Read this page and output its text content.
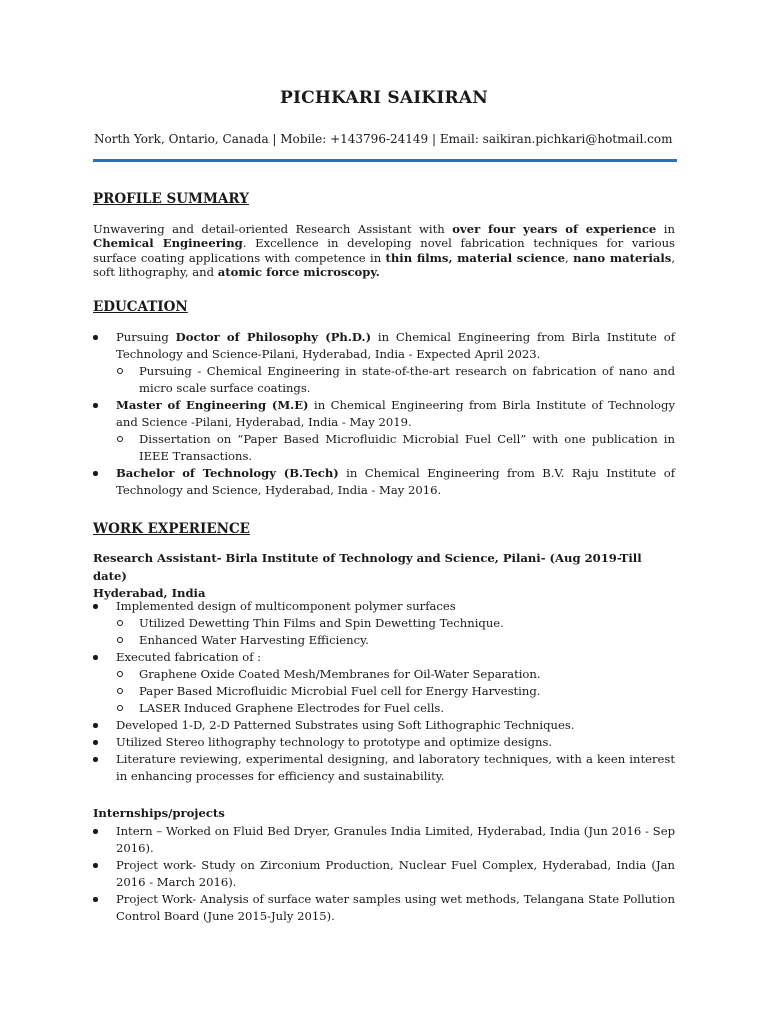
PICHKARI SAIKIRAN
North York, Ontario, Canada | Mobile: +143796-24149 | Email: saikiran.pichkari@hotmail.com
PROFILE SUMMARY
Unwavering and detail-oriented Research Assistant with over four years of experience in Chemical Engineering. Excellence in developing novel fabrication techniques for various surface coating applications with competence in thin films, material science, nano materials, soft lithography, and atomic force microscopy.
EDUCATION
Pursuing Doctor of Philosophy (Ph.D.) in Chemical Engineering from Birla Institute of Technology and Science-Pilani, Hyderabad, India - Expected April 2023.
Pursuing - Chemical Engineering in state-of-the-art research on fabrication of nano and micro scale surface coatings.
Master of Engineering (M.E) in Chemical Engineering from Birla Institute of Technology and Science -Pilani, Hyderabad, India - May 2019.
Dissertation on “Paper Based Microfluidic Microbial Fuel Cell” with one publication in IEEE Transactions.
Bachelor of Technology (B.Tech) in Chemical Engineering from B.V. Raju Institute of Technology and Science, Hyderabad, India - May 2016.
WORK EXPERIENCE
Research Assistant- Birla Institute of Technology and Science, Pilani- (Aug 2019-Till date)
Hyderabad, India
Implemented design of multicomponent polymer surfaces
Utilized Dewetting Thin Films and Spin Dewetting Technique.
Enhanced Water Harvesting Efficiency.
Executed fabrication of :
Graphene Oxide Coated Mesh/Membranes for Oil-Water Separation.
Paper Based Microfluidic Microbial Fuel cell for Energy Harvesting.
LASER Induced Graphene Electrodes for Fuel cells.
Developed 1-D, 2-D Patterned Substrates using Soft Lithographic Techniques.
Utilized Stereo lithography technology to prototype and optimize designs.
Literature reviewing, experimental designing, and laboratory techniques, with a keen interest in enhancing processes for efficiency and sustainability.
Internships/projects
Intern – Worked on Fluid Bed Dryer, Granules India Limited, Hyderabad, India (Jun 2016 - Sep 2016).
Project work- Study on Zirconium Production, Nuclear Fuel Complex, Hyderabad, India (Jan 2016 - March 2016).
Project Work- Analysis of surface water samples using wet methods, Telangana State Pollution Control Board (June 2015-July 2015).
